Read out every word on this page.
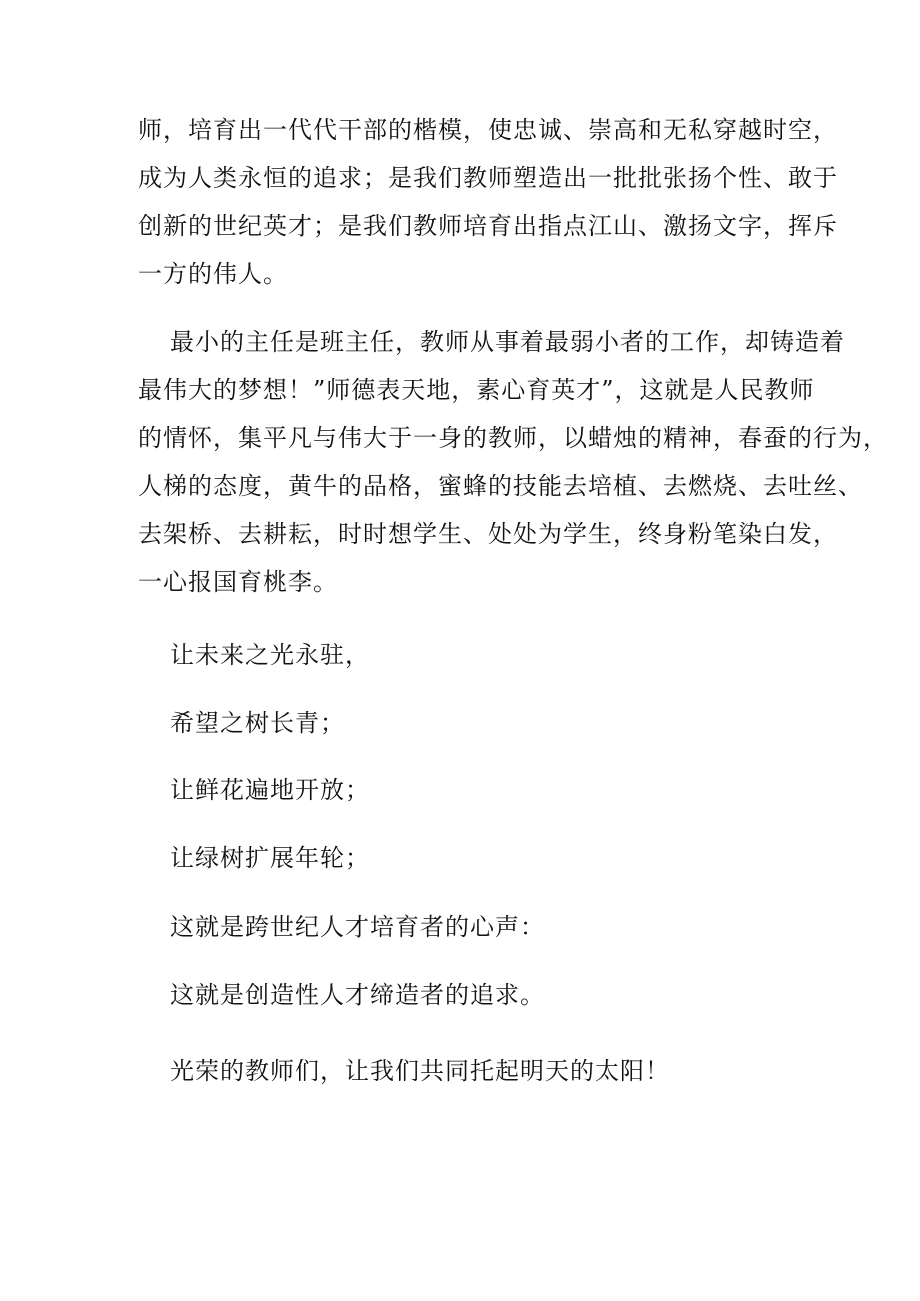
师，培育出一代代干部的楷模，使忠诚、崇高和无私穿越时空，
成为人类永恒的追求；是我们教师塑造出一批批张扬个性、敢于
创新的世纪英才；是我们教师培育出指点江山、激扬文字，挥斥
一方的伟人。
最小的主任是班主任，教师从事着最弱小者的工作，却铸造着
最伟大的梦想！”师德表天地，素心育英才”，这就是人民教师
的情怀，集平凡与伟大于一身的教师，以蜡烛的精神，春蚕的行为，
人梯的态度，黄牛的品格，蜜蜂的技能去培植、去燃烧、去吐丝、
去架桥、去耕耘，时时想学生、处处为学生，终身粉笔染白发，
一心报国育桃李。
让未来之光永驻，
希望之树长青；
让鲜花遍地开放；
让绿树扩展年轮；
这就是跨世纪人才培育者的心声：
这就是创造性人才缔造者的追求。
光荣的教师们，让我们共同托起明天的太阳！
